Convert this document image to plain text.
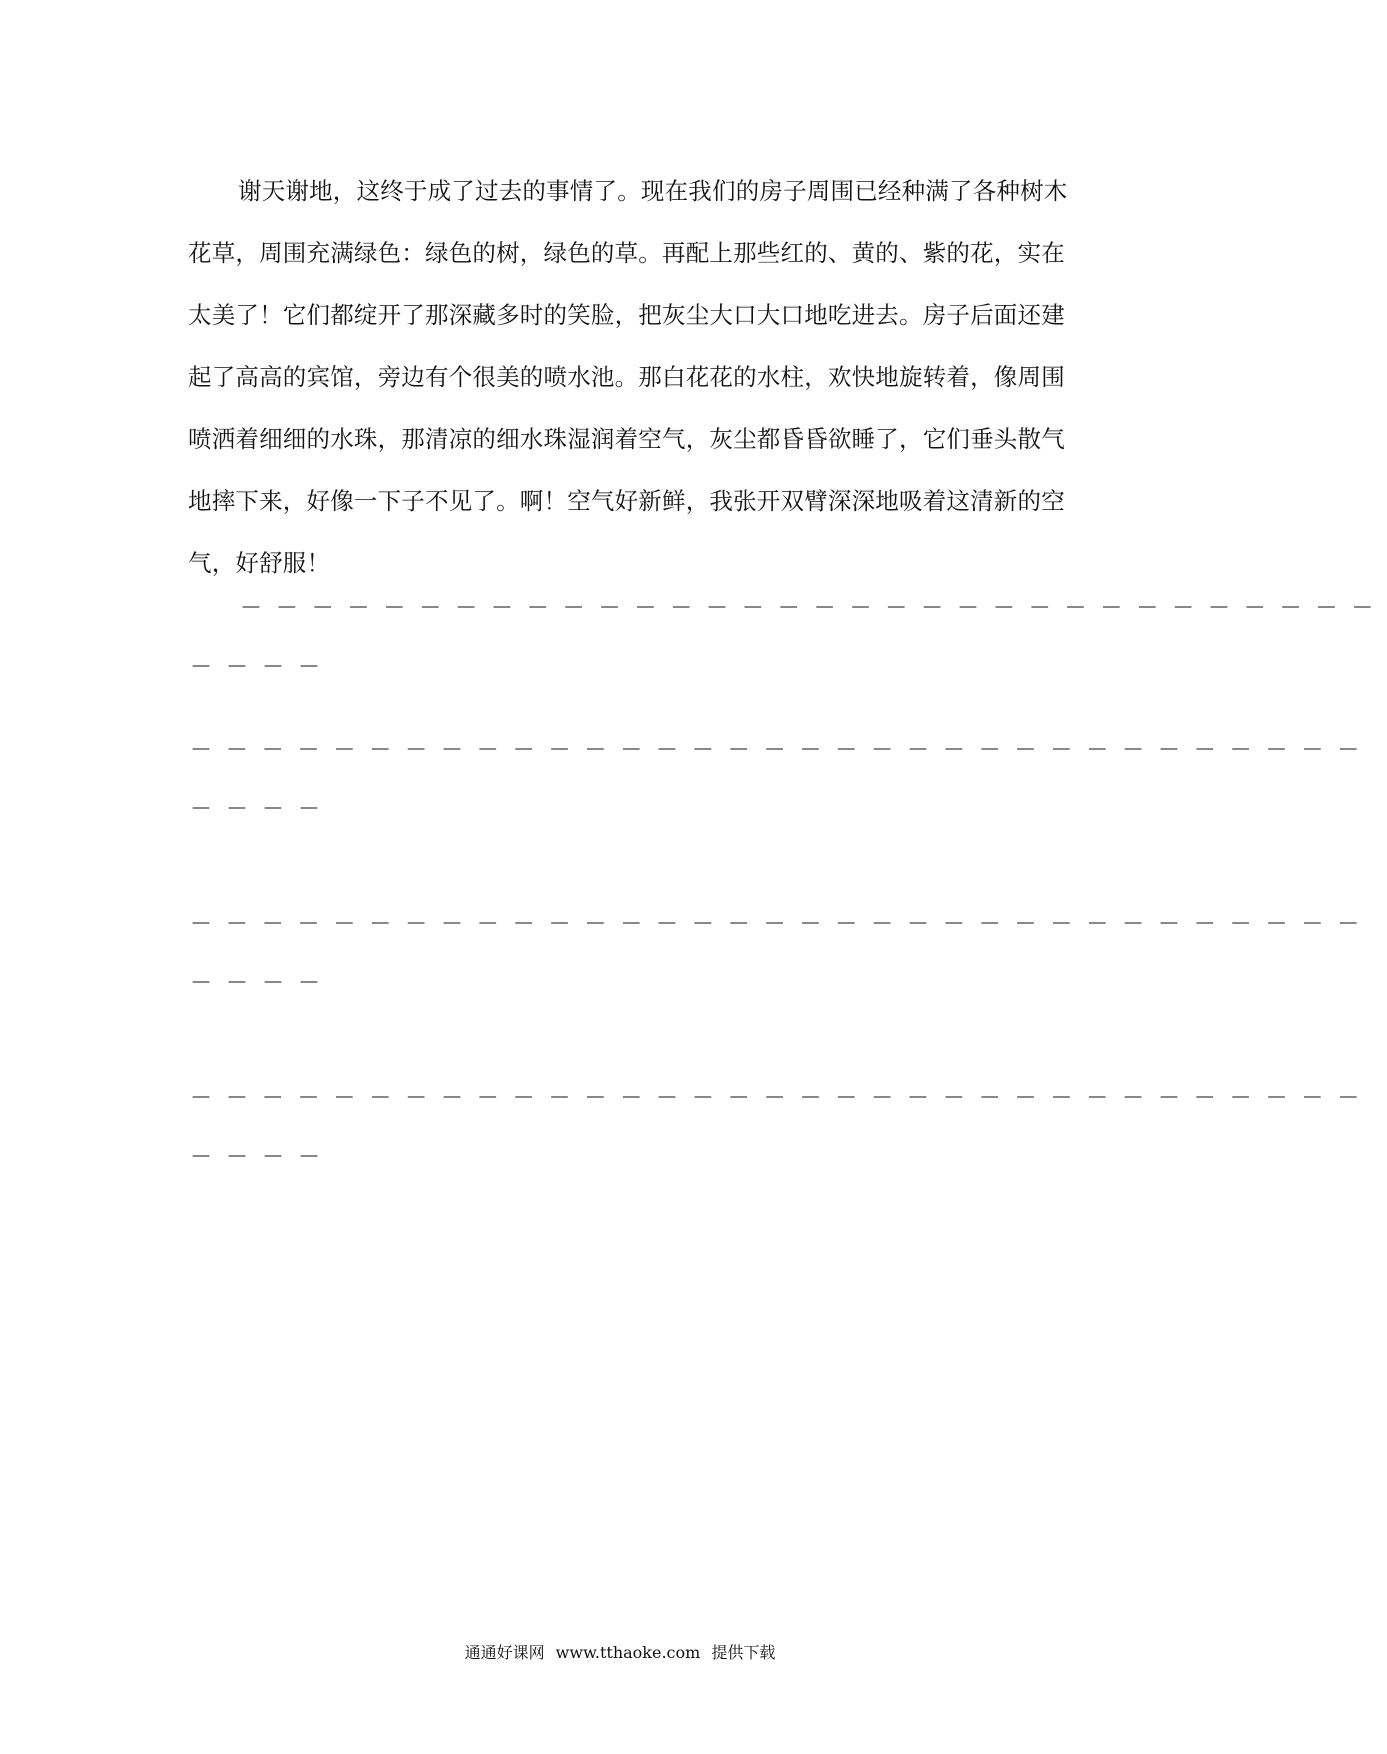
谢天谢地，这终于成了过去的事情了。现在我们的房子周围已经种满了各种树木花草，周围充满绿色：绿色的树，绿色的草。再配上那些红的、黄的、紫的花，实在太美了！它们都绽开了那深藏多时的笑脸，把灰尘大口大口地吃进去。房子后面还建起了高高的宾馆，旁边有个很美的喷水池。那白花花的水柱，欢快地旋转着，像周围喷洒着细细的水珠，那清凉的细水珠湿润着空气，灰尘都昏昏欲睡了，它们垂头散气地摔下来，好像一下子不见了。啊！空气好新鲜，我张开双臂深深地吸着这清新的空气，好舒服！

－－－－－－－－－－－－－－－－－－－－－－－－－－－－－－－－
－－－－
－－－－－－－－－－－－－－－－－－－－－－－－－－－－－－－－－
－－－－
－－－－－－－－－－－－－－－－－－－－－－－－－－－－－－－－－
－－－－
－－－－－－－－－－－－－－－－－－－－－－－－－－－－－－－－－
－－－－
通通好课网 www.tthaoke.com 提供下载
